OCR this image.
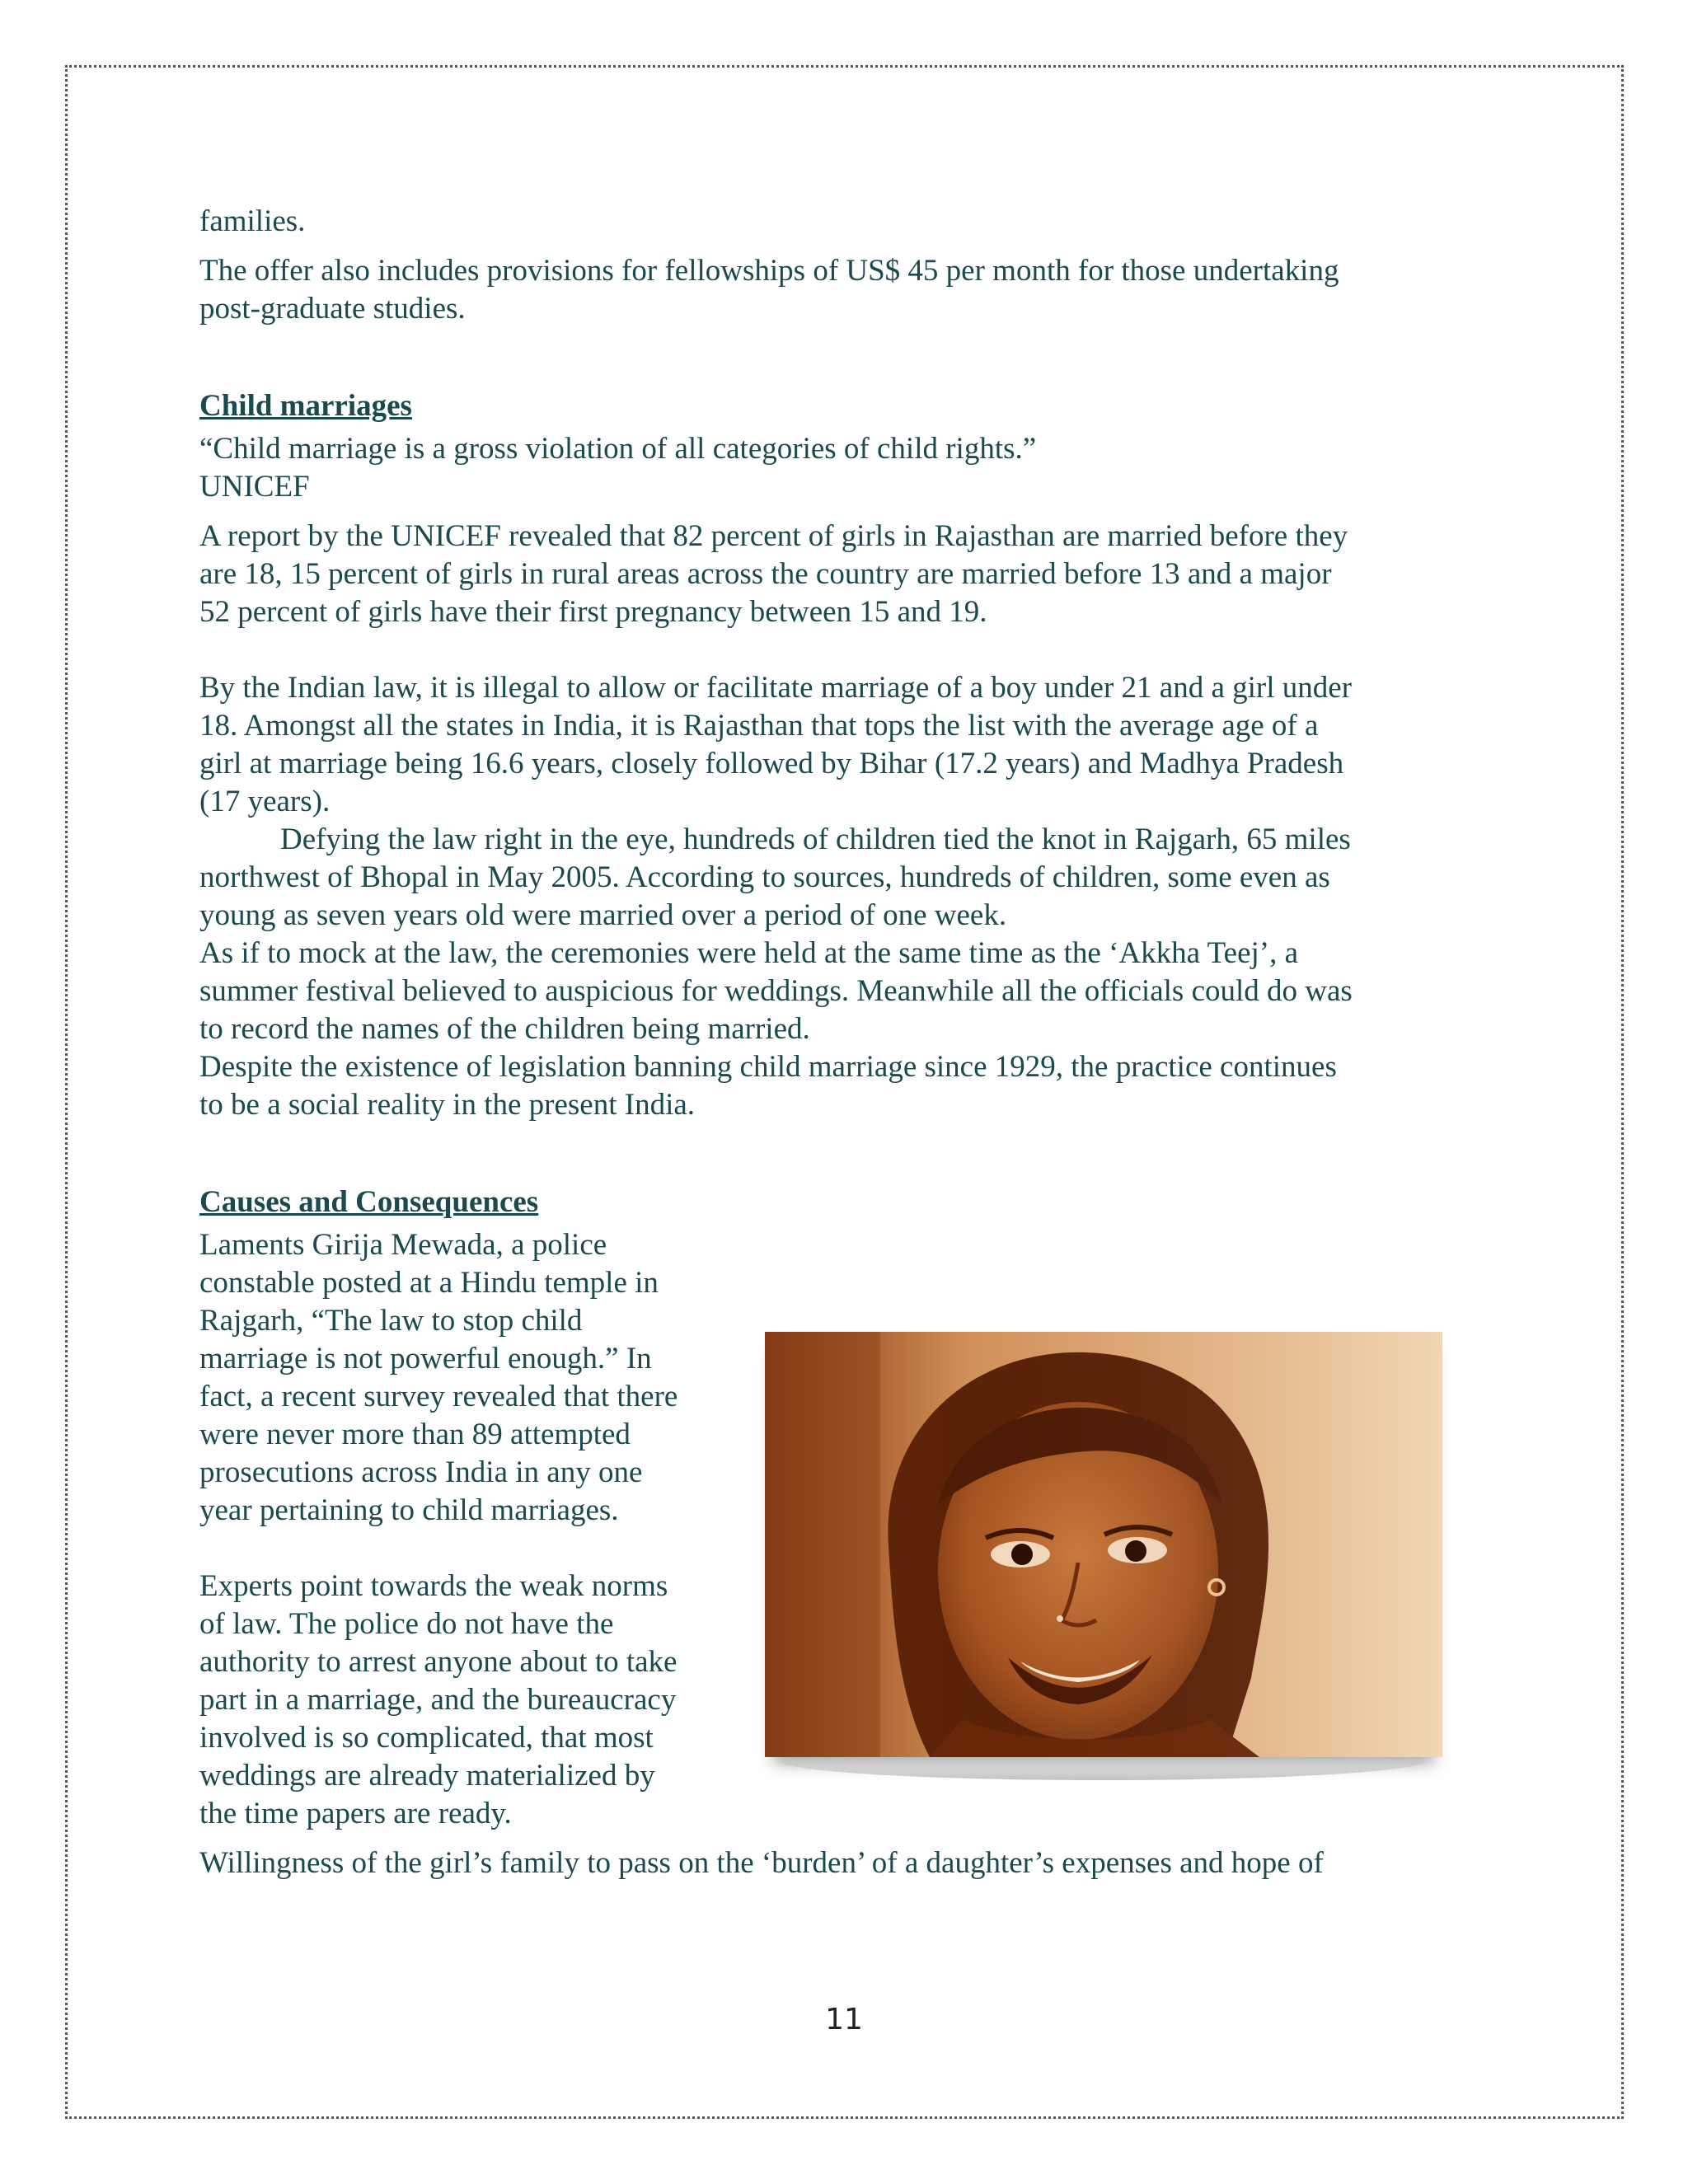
families.

The offer also includes provisions for fellowships of US$ 45 per month for those undertaking
post-graduate studies.

Child marriages

“Child marriage is a gross violation of all categories of child rights.”
UNICEF

A report by the UNICEF revealed that 82 percent of girls in Rajasthan are married before they
are 18, 15 percent of girls in rural areas across the country are married before 13 and a major
52 percent of girls have their first pregnancy between 15 and 19.

By the Indian law, it is illegal to allow or facilitate marriage of a boy under 21 and a girl under
18. Amongst all the states in India, it is Rajasthan that tops the list with the average age of a
girl at marriage being 16.6 years, closely followed by Bihar (17.2 years) and Madhya Pradesh
(17 years).

Defying the law right in the eye, hundreds of children tied the knot in Rajgarh, 65 miles
northwest of Bhopal in May 2005. According to sources, hundreds of children, some even as
young as seven years old were married over a period of one week.

As if to mock at the law, the ceremonies were held at the same time as the ‘Akkha Teej’, a
summer festival believed to auspicious for weddings. Meanwhile all the officials could do was
to record the names of the children being married.

Despite the existence of legislation banning child marriage since 1929, the practice continues
to be a social reality in the present India.

Causes and Consequences

Laments Girija Mewada, a police
constable posted at a Hindu temple in
Rajgarh, “The law to stop child
marriage is not powerful enough.” In
fact, a recent survey revealed that there
were never more than 89 attempted
prosecutions across India in any one
year pertaining to child marriages.

Experts point towards the weak norms
of law. The police do not have the
authority to arrest anyone about to take
part in a marriage, and the bureaucracy
involved is so complicated, that most
weddings are already materialized by
the time papers are ready.

Willingness of the girl’s family to pass on the ‘burden’ of a daughter’s expenses and hope of

11
